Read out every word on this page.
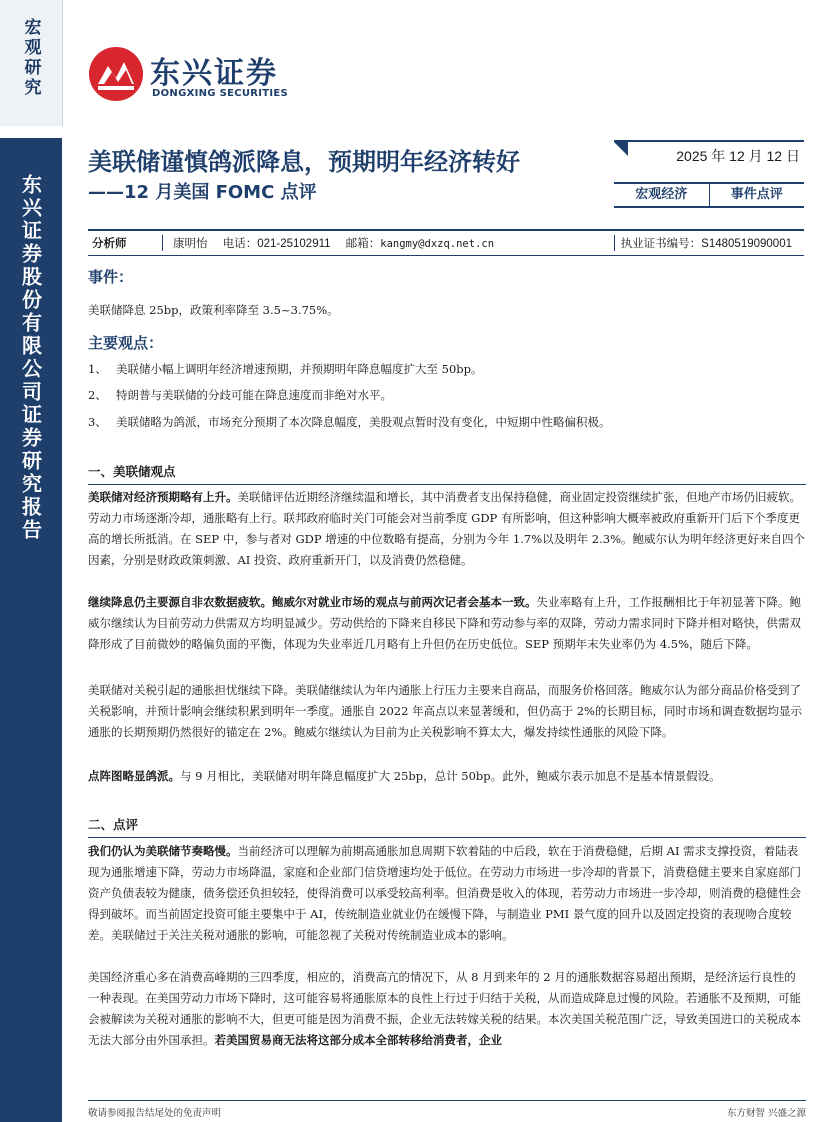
宏观研究
东兴证券股份有限公司证券研究报告
东兴证券
DONGXING SECURITIES
美联储谨慎鸽派降息，预期明年经济转好
——12 月美国 FOMC 点评
2025 年 12 月 12 日
宏观经济	事件点评
分析师	康明怡 电话：021-25102911 邮箱：kangmy@dxzq.net.cn	执业证书编号：S1480519090001
事件：
美联储降息 25bp，政策利率降至 3.5~3.75%。
主要观点：
1、 美联储小幅上调明年经济增速预期，并预期明年降息幅度扩大至 50bp。
2、 特朗普与美联储的分歧可能在降息速度而非绝对水平。
3、 美联储略为鸽派，市场充分预期了本次降息幅度，美股观点暂时没有变化，中短期中性略偏积极。
一、美联储观点
美联储对经济预期略有上升。美联储评估近期经济继续温和增长，其中消费者支出保持稳健，商业固定投资继续扩张，但地产市场仍旧疲软。劳动力市场逐渐冷却，通胀略有上行。联邦政府临时关门可能会对当前季度 GDP 有所影响，但这种影响大概率被政府重新开门后下个季度更高的增长所抵消。在 SEP 中，参与者对 GDP 增速的中位数略有提高，分别为今年 1.7%以及明年 2.3%。鲍威尔认为明年经济更好来自四个因素，分别是财政政策刺激、AI 投资、政府重新开门，以及消费仍然稳健。
继续降息仍主要源自非农数据疲软。鲍威尔对就业市场的观点与前两次记者会基本一致。失业率略有上升，工作报酬相比于年初显著下降。鲍威尔继续认为目前劳动力供需双方均明显减少。劳动供给的下降来自移民下降和劳动参与率的双降，劳动力需求同时下降并相对略快，供需双降形成了目前微妙的略偏负面的平衡，体现为失业率近几月略有上升但仍在历史低位。SEP 预期年末失业率仍为 4.5%，随后下降。
美联储对关税引起的通胀担忧继续下降。美联储继续认为年内通胀上行压力主要来自商品，而服务价格回落。鲍威尔认为部分商品价格受到了关税影响，并预计影响会继续积累到明年一季度。通胀自 2022 年高点以来显著缓和，但仍高于 2%的长期目标，同时市场和调查数据均显示通胀的长期预期仍然很好的锚定在 2%。鲍威尔继续认为目前为止关税影响不算太大，爆发持续性通胀的风险下降。
点阵图略显鸽派。与 9 月相比，美联储对明年降息幅度扩大 25bp，总计 50bp。此外，鲍威尔表示加息不是基本情景假设。
二、点评
我们仍认为美联储节奏略慢。当前经济可以理解为前期高通胀加息周期下软着陆的中后段，软在于消费稳健，后期 AI 需求支撑投资，着陆表现为通胀增速下降，劳动力市场降温，家庭和企业部门信贷增速均处于低位。在劳动力市场进一步冷却的背景下，消费稳健主要来自家庭部门资产负债表较为健康，债务偿还负担较轻，使得消费可以承受较高利率。但消费是收入的体现，若劳动力市场进一步冷却，则消费的稳健性会得到破坏。而当前固定投资可能主要集中于 AI，传统制造业就业仍在缓慢下降，与制造业 PMI 景气度的回升以及固定投资的表现吻合度较差。美联储过于关注关税对通胀的影响，可能忽视了关税对传统制造业成本的影响。
美国经济重心多在消费高峰期的三四季度，相应的，消费高亢的情况下，从 8 月到来年的 2 月的通胀数据容易超出预期，是经济运行良性的一种表现。在美国劳动力市场下降时，这可能容易将通胀原本的良性上行过于归结于关税，从而造成降息过慢的风险。若通胀不及预期，可能会被解读为关税对通胀的影响不大，但更可能是因为消费不振，企业无法转嫁关税的结果。本次美国关税范围广泛，导致美国进口的关税成本无法大部分由外国承担。若美国贸易商无法将这部分成本全部转移给消费者，企业
敬请参阅报告结尾处的免责声明	东方财智 兴盛之源
